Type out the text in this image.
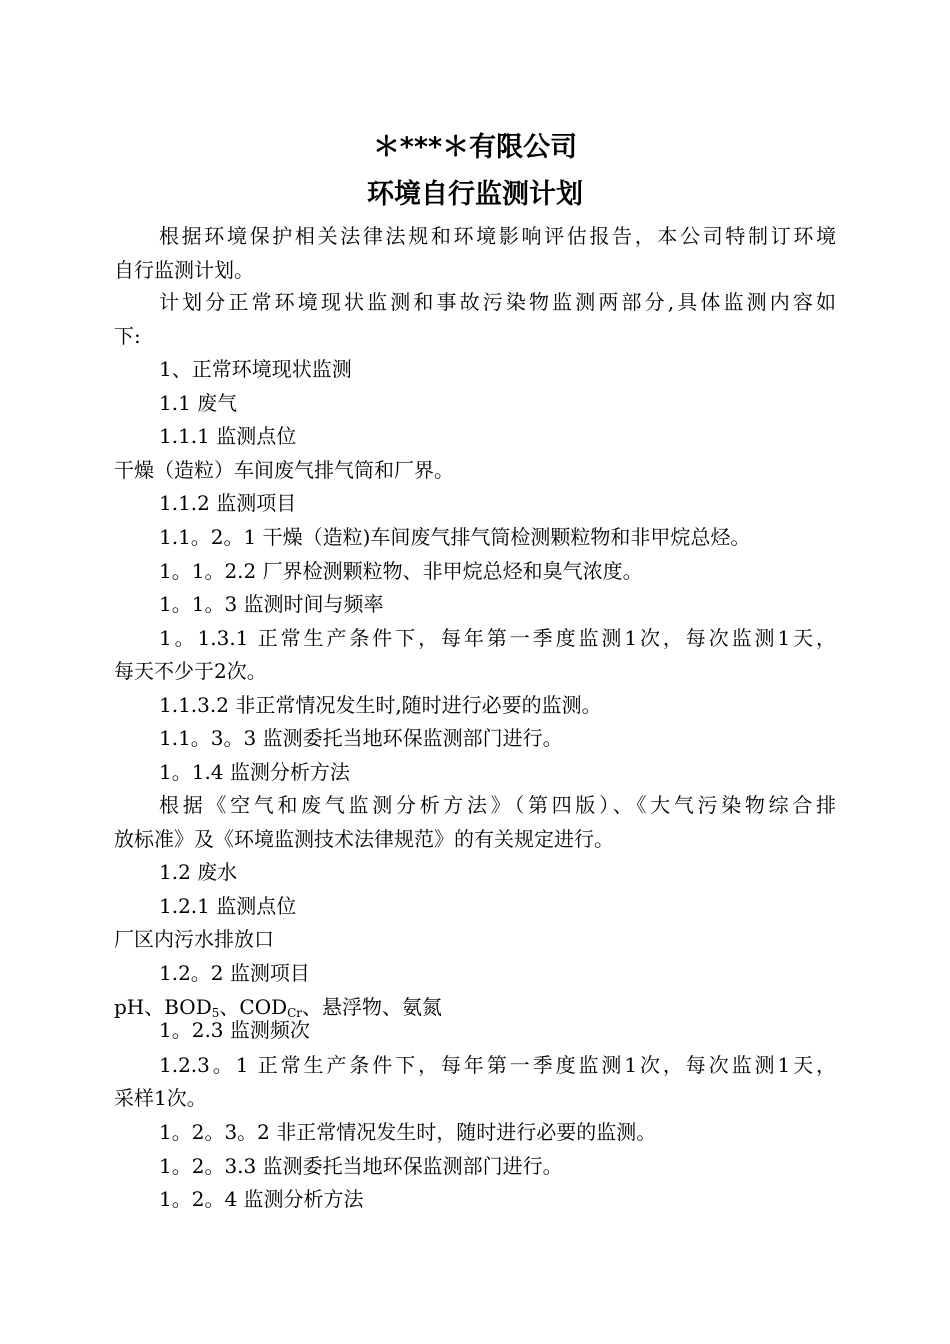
＊***＊有限公司
环境自行监测计划
根据环境保护相关法律法规和环境影响评估报告，本公司特制订环境
自行监测计划。
计划分正常环境现状监测和事故污染物监测两部分,具体监测内容如
下:
1、正常环境现状监测
1.1 废气
1.1.1 监测点位
干燥（造粒）车间废气排气筒和厂界。
1.1.2 监测项目
1.1。2。1 干燥（造粒)车间废气排气筒检测颗粒物和非甲烷总烃。
1。1。2.2 厂界检测颗粒物、非甲烷总烃和臭气浓度。
1。1。3 监测时间与频率
1。1.3.1 正常生产条件下，每年第一季度监测1次，每次监测1天，
每天不少于2次。
1.1.3.2 非正常情况发生时,随时进行必要的监测。
1.1。3。3 监测委托当地环保监测部门进行。
1。1.4 监测分析方法
根据《空气和废气监测分析方法》（第四版）、《大气污染物综合排
放标准》及《环境监测技术法律规范》的有关规定进行。
1.2 废水
1.2.1 监测点位
厂区内污水排放口
1.2。2 监测项目
pH、$BOD_5$、$COD_{Cr}$、悬浮物、氨氮
1。2.3 监测频次
1.2.3。1 正常生产条件下，每年第一季度监测1次，每次监测1天，
采样1次。
1。2。3。2 非正常情况发生时，随时进行必要的监测。
1。2。3.3 监测委托当地环保监测部门进行。
1。2。4 监测分析方法
